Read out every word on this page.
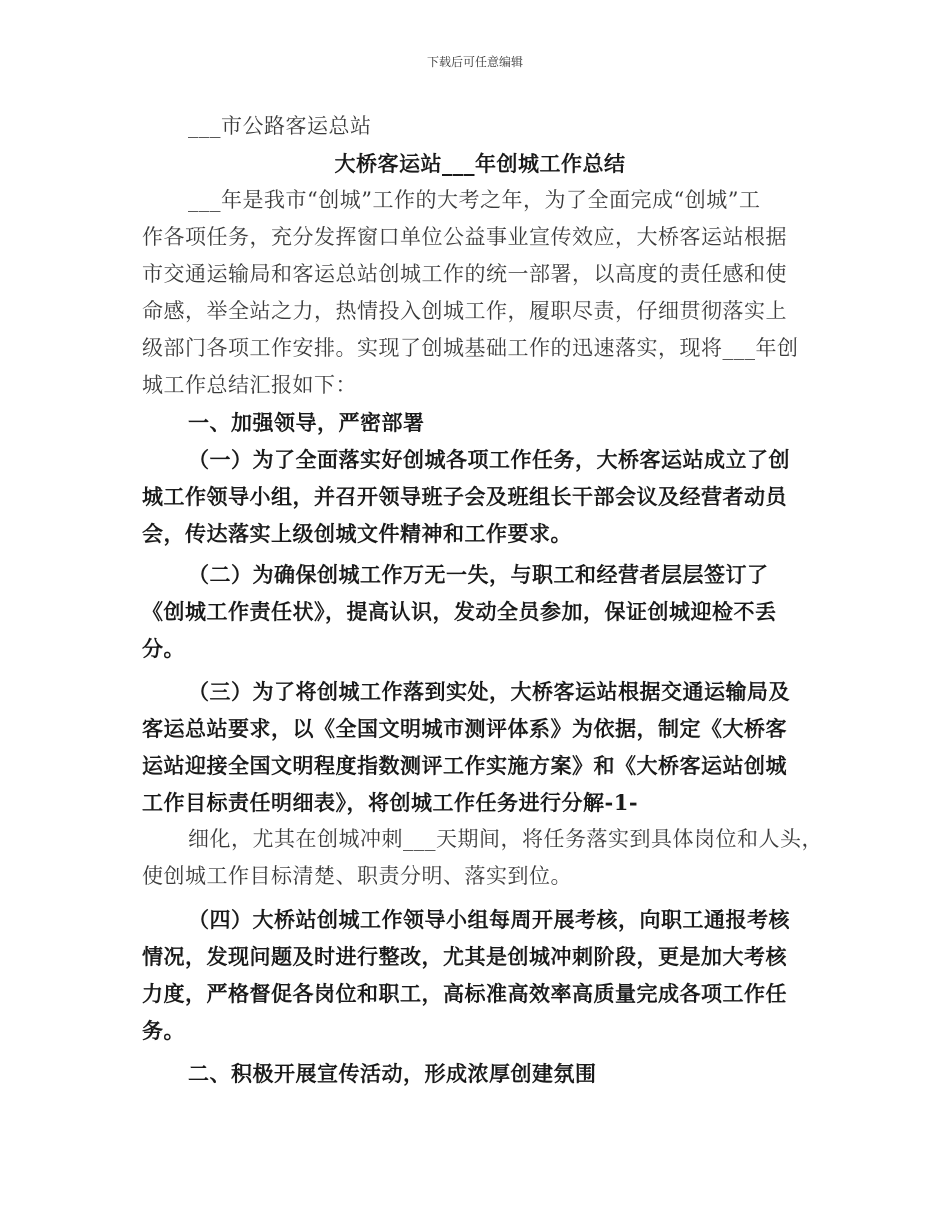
下载后可任意编辑
___市公路客运总站
大桥客运站___年创城工作总结
___年是我市“创城”工作的大考之年，为了全面完成“创城”工
作各项任务，充分发挥窗口单位公益事业宣传效应，大桥客运站根据
市交通运输局和客运总站创城工作的统一部署，以高度的责任感和使
命感，举全站之力，热情投入创城工作，履职尽责，仔细贯彻落实上
级部门各项工作安排。实现了创城基础工作的迅速落实，现将___年创
城工作总结汇报如下：
一、加强领导，严密部署
（一）为了全面落实好创城各项工作任务，大桥客运站成立了创
城工作领导小组，并召开领导班子会及班组长干部会议及经营者动员
会，传达落实上级创城文件精神和工作要求。
（二）为确保创城工作万无一失，与职工和经营者层层签订了
《创城工作责任状》，提高认识，发动全员参加，保证创城迎检不丢
分。
（三）为了将创城工作落到实处，大桥客运站根据交通运输局及
客运总站要求，以《全国文明城市测评体系》为依据，制定《大桥客
运站迎接全国文明程度指数测评工作实施方案》和《大桥客运站创城
工作目标责任明细表》，将创城工作任务进行分解-1-
细化，尤其在创城冲刺___天期间，将任务落实到具体岗位和人头，
使创城工作目标清楚、职责分明、落实到位。
（四）大桥站创城工作领导小组每周开展考核，向职工通报考核
情况，发现问题及时进行整改，尤其是创城冲刺阶段，更是加大考核
力度，严格督促各岗位和职工，高标准高效率高质量完成各项工作任
务。
二、积极开展宣传活动，形成浓厚创建氛围
